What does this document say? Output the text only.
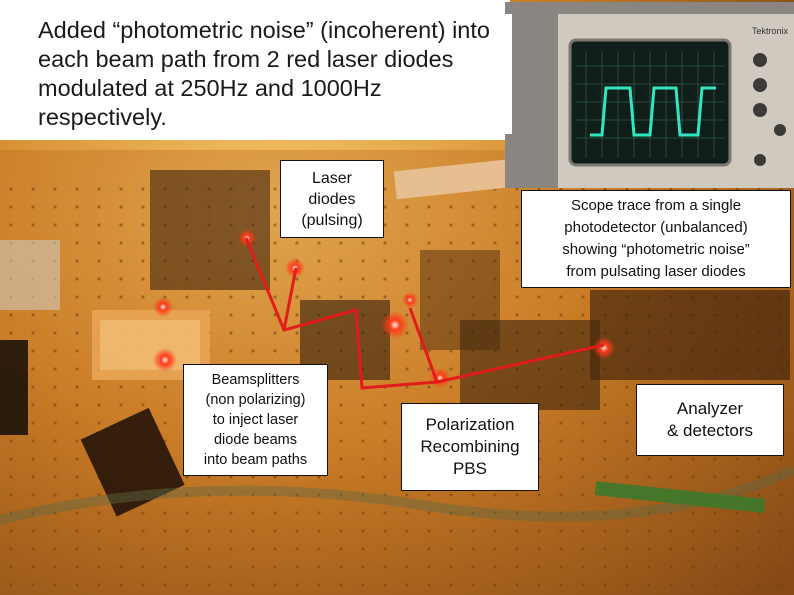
Tektronix
Added “photometric noise” (incoherent) into each beam path from 2 red laser diodes modulated at 250Hz and 1000Hz respectively.
Laser
diodes
(pulsing)
Scope trace from a single
photodetector (unbalanced)
showing “photometric noise”
from pulsating laser diodes
Beamsplitters
(non polarizing)
to inject laser
diode beams
into beam paths
Polarization
Recombining
PBS
Analyzer
& detectors
